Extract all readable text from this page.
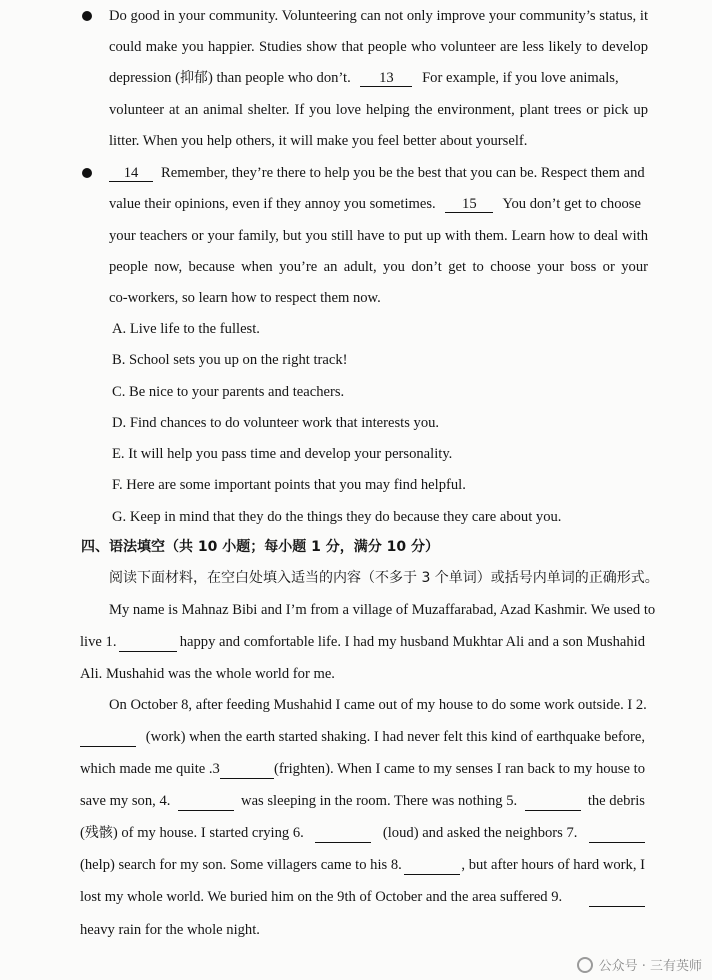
Do good in your community. Volunteering can not only improve your community’s status, it
could make you happier. Studies show that people who volunteer are less likely to develop
depression (抑郁) than people who don’t. 13 For example, if you love animals,
volunteer at an animal shelter. If you love helping the environment, plant trees or pick up
litter. When you help others, it will make you feel better about yourself.
14 Remember, they’re there to help you be the best that you can be. Respect them and
value their opinions, even if they annoy you sometimes. 15 You don’t get to choose
your teachers or your family, but you still have to put up with them. Learn how to deal with
people now, because when you’re an adult, you don’t get to choose your boss or your
co-workers, so learn how to respect them now.
A. Live life to the fullest.
B. School sets you up on the right track!
C. Be nice to your parents and teachers.
D. Find chances to do volunteer work that interests you.
E. It will help you pass time and develop your personality.
F. Here are some important points that you may find helpful.
G. Keep in mind that they do the things they do because they care about you.
四、语法填空（共 10 小题；每小题 1 分，满分 10 分）
阅读下面材料，在空白处填入适当的内容（不多于 3 个单词）或括号内单词的正确形式。
My name is Mahnaz Bibi and I’m from a village of Muzaffarabad, Azad Kashmir. We used to
live 1.	happy and comfortable life. I had my husband Mukhtar Ali and a son Mushahid
Ali. Mushahid was the whole world for me.
On October 8, after feeding Mushahid I came out of my house to do some work outside. I 2.
(work) when the earth started shaking. I had never felt this kind of earthquake before,
which made me quite .3	(frighten). When I came to my senses I ran back to my house to
save my son, 4.	was sleeping in the room. There was nothing 5.	the debris
(残骸) of my house. I started crying 6.	(loud) and asked the neighbors 7.
(help) search for my son. Some villagers came to his 8.	, but after hours of hard work, I
lost my whole world. We buried him on the 9th of October and the area suffered 9.
heavy rain for the whole night.
公众号 · 三有英师
